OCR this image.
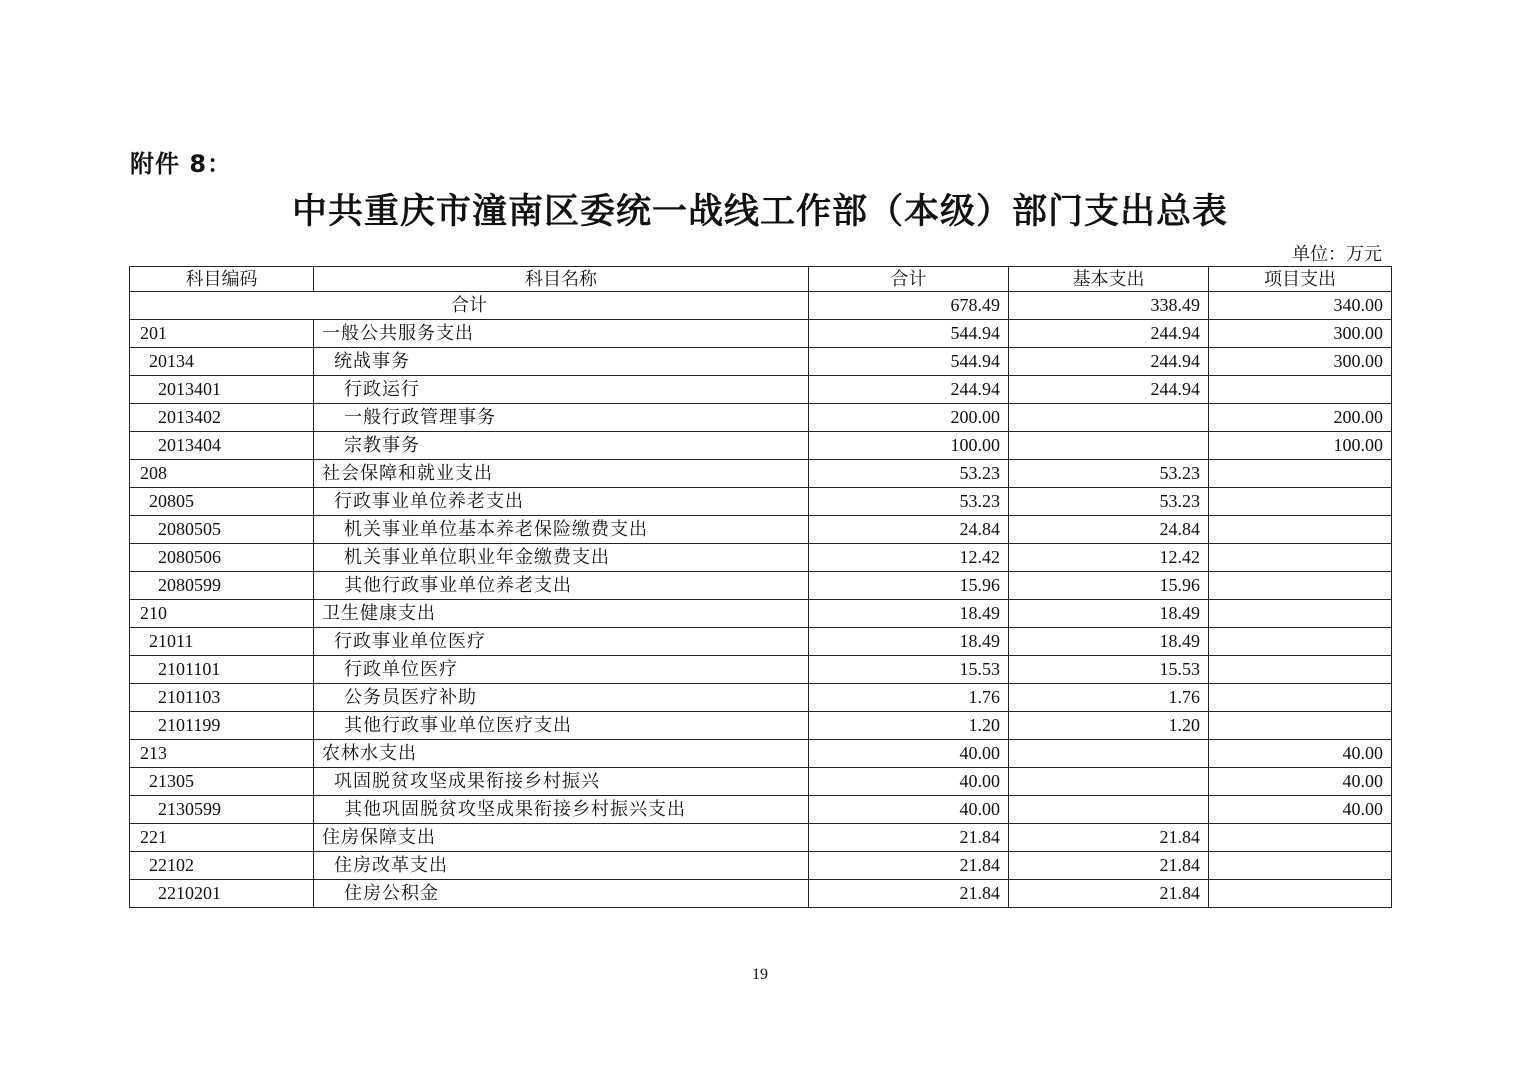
附件 8：
中共重庆市潼南区委统一战线工作部（本级）部门支出总表
单位：万元
科目编码	科目名称	合计	基本支出	项目支出
合计		678.49	338.49	340.00
201	一般公共服务支出	544.94	244.94	300.00
20134	统战事务	544.94	244.94	300.00
2013401	行政运行	244.94	244.94	
2013402	一般行政管理事务	200.00		200.00
2013404	宗教事务	100.00		100.00
208	社会保障和就业支出	53.23	53.23	
20805	行政事业单位养老支出	53.23	53.23	
2080505	机关事业单位基本养老保险缴费支出	24.84	24.84	
2080506	机关事业单位职业年金缴费支出	12.42	12.42	
2080599	其他行政事业单位养老支出	15.96	15.96	
210	卫生健康支出	18.49	18.49	
21011	行政事业单位医疗	18.49	18.49	
2101101	行政单位医疗	15.53	15.53	
2101103	公务员医疗补助	1.76	1.76	
2101199	其他行政事业单位医疗支出	1.20	1.20	
213	农林水支出	40.00		40.00
21305	巩固脱贫攻坚成果衔接乡村振兴	40.00		40.00
2130599	其他巩固脱贫攻坚成果衔接乡村振兴支出	40.00		40.00
221	住房保障支出	21.84	21.84	
22102	住房改革支出	21.84	21.84	
2210201	住房公积金	21.84	21.84	
19
